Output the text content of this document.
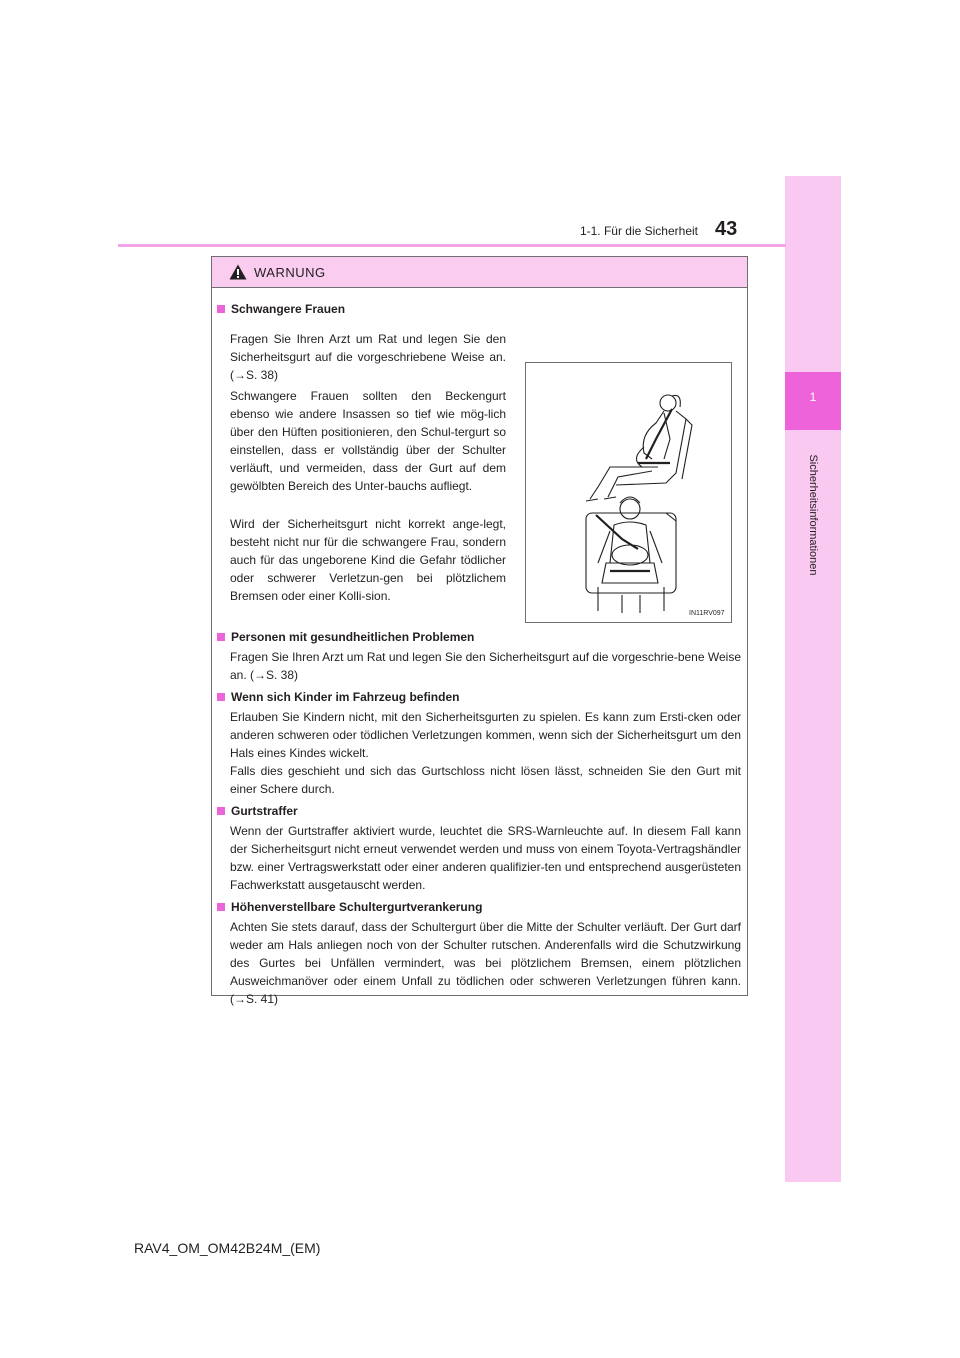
1
Sicherheitsinformationen
1-1. Für die Sicherheit 43
WARNUNG
Schwangere Frauen

Fragen Sie Ihren Arzt um Rat und legen Sie den Sicherheitsgurt auf die vorgeschriebene Weise an. (→S. 38)

Schwangere Frauen sollten den Beckengurt ebenso wie andere Insassen so tief wie mög-lich über den Hüften positionieren, den Schul-tergurt so einstellen, dass er vollständig über der Schulter verläuft, und vermeiden, dass der Gurt auf dem gewölbten Bereich des Unter-bauchs aufliegt.

Wird der Sicherheitsgurt nicht korrekt ange-legt, besteht nicht nur für die schwangere Frau, sondern auch für das ungeborene Kind die Gefahr tödlicher oder schwerer Verletzun-gen bei plötzlichem Bremsen oder einer Kolli-sion.

IN11RV097
Personen mit gesundheitlichen Problemen

Fragen Sie Ihren Arzt um Rat und legen Sie den Sicherheitsgurt auf die vorgeschrie-bene Weise an. (→S. 38)

Wenn sich Kinder im Fahrzeug befinden

Erlauben Sie Kindern nicht, mit den Sicherheitsgurten zu spielen. Es kann zum Ersti-cken oder anderen schweren oder tödlichen Verletzungen kommen, wenn sich der Sicherheitsgurt um den Hals eines Kindes wickelt.

Falls dies geschieht und sich das Gurtschloss nicht lösen lässt, schneiden Sie den Gurt mit einer Schere durch.

Gurtstraffer

Wenn der Gurtstraffer aktiviert wurde, leuchtet die SRS-Warnleuchte auf. In diesem Fall kann der Sicherheitsgurt nicht erneut verwendet werden und muss von einem Toyota-Vertragshändler bzw. einer Vertragswerkstatt oder einer anderen qualifizier-ten und entsprechend ausgerüsteten Fachwerkstatt ausgetauscht werden.

Höhenverstellbare Schultergurtverankerung

Achten Sie stets darauf, dass der Schultergurt über die Mitte der Schulter verläuft. Der Gurt darf weder am Hals anliegen noch von der Schulter rutschen. Anderenfalls wird die Schutzwirkung des Gurtes bei Unfällen vermindert, was bei plötzlichem Bremsen, einem plötzlichen Ausweichmanöver oder einem Unfall zu tödlichen oder schweren Verletzungen führen kann. (→S. 41)

RAV4_OM_OM42B24M_(EM)
